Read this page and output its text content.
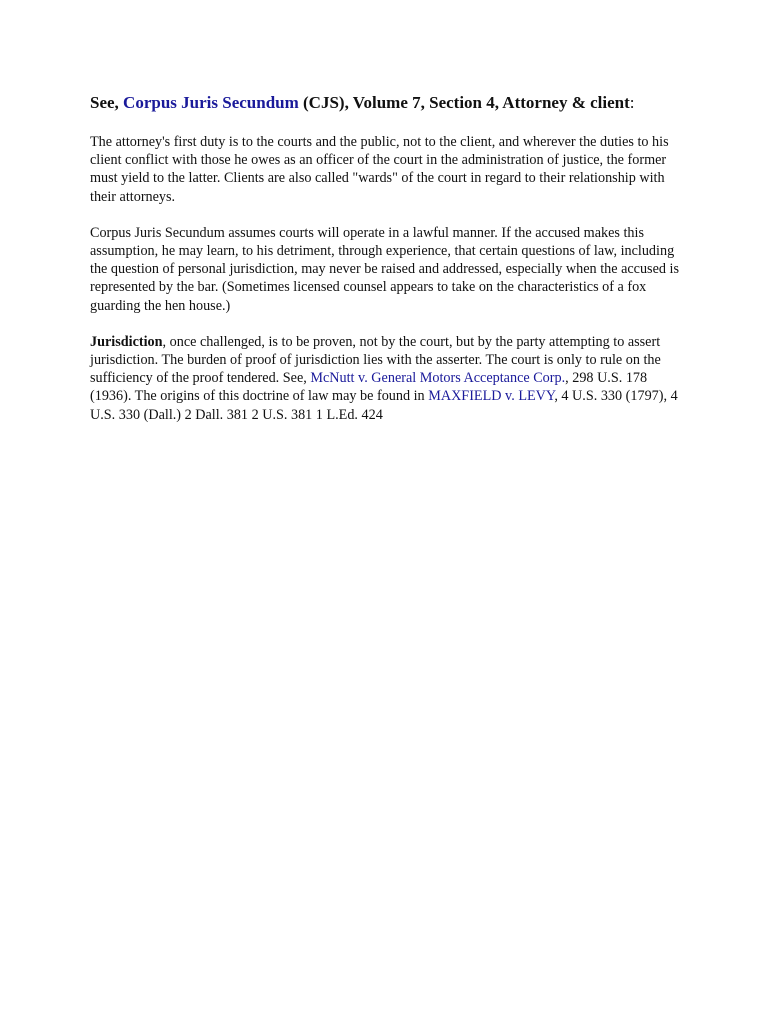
See, Corpus Juris Secundum (CJS), Volume 7, Section 4, Attorney & client:

The attorney's first duty is to the courts and the public, not to the client, and wherever the duties to his client conflict with those he owes as an officer of the court in the administration of justice, the former must yield to the latter. Clients are also called "wards" of the court in regard to their relationship with their attorneys.

Corpus Juris Secundum assumes courts will operate in a lawful manner. If the accused makes this assumption, he may learn, to his detriment, through experience, that certain questions of law, including the question of personal jurisdiction, may never be raised and addressed, especially when the accused is represented by the bar. (Sometimes licensed counsel appears to take on the characteristics of a fox guarding the hen house.)

Jurisdiction, once challenged, is to be proven, not by the court, but by the party attempting to assert jurisdiction. The burden of proof of jurisdiction lies with the asserter. The court is only to rule on the sufficiency of the proof tendered. See, McNutt v. General Motors Acceptance Corp., 298 U.S. 178 (1936). The origins of this doctrine of law may be found in MAXFIELD v. LEVY, 4 U.S. 330 (1797), 4 U.S. 330 (Dall.) 2 Dall. 381 2 U.S. 381 1 L.Ed. 424
